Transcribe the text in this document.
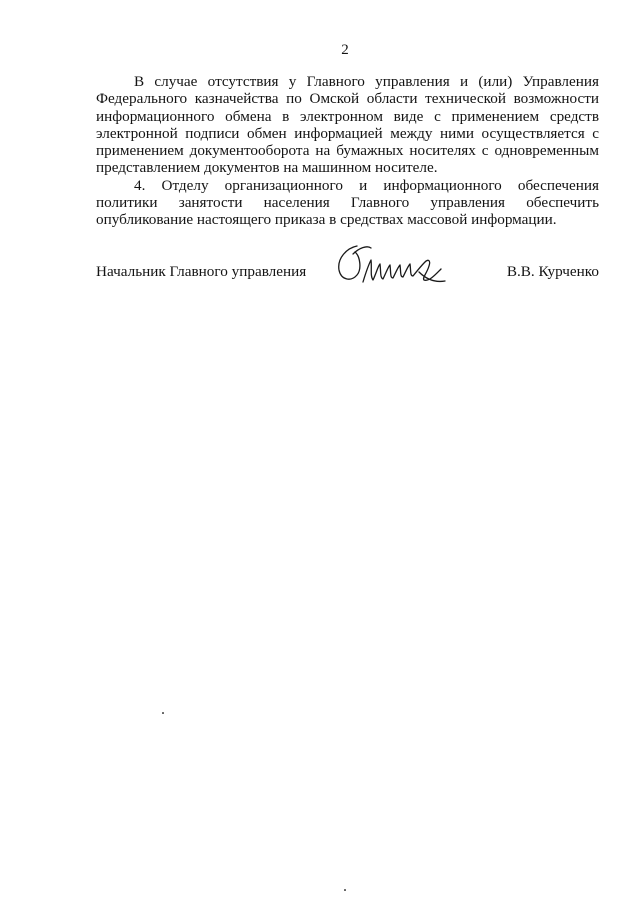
2

В случае отсутствия у Главного управления и (или) Управления Федерального казначейства по Омской области технической возможности информационного обмена в электронном виде с применением средств электронной подписи обмен информацией между ними осуществляется с применением документооборота на бумажных носителях с одновременным представлением документов на машинном носителе.

4. Отделу организационного и информационного обеспечения политики занятости населения Главного управления обеспечить опубликование настоящего приказа в средствах массовой информации.

Начальник Главного управления	В.В. Курченко
